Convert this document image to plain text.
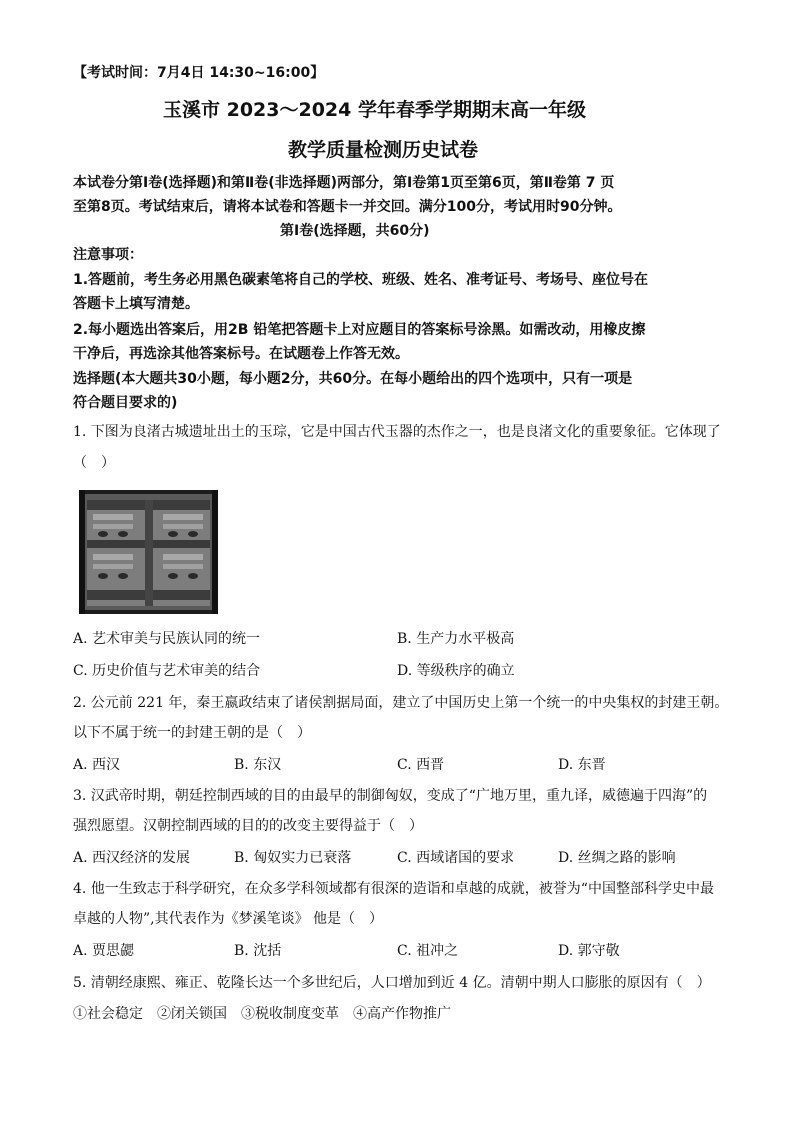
【考试时间：7月4日 14:30~16:00】
玉溪市 2023～2024 学年春季学期期末高一年级
教学质量检测历史试卷
本试卷分第Ⅰ卷(选择题)和第Ⅱ卷(非选择题)两部分，第Ⅰ卷第1页至第6页，第Ⅱ卷第 7 页
至第8页。考试结束后，请将本试卷和答题卡一并交回。满分100分，考试用时90分钟。
第Ⅰ卷(选择题，共60分)
注意事项：
1.答题前，考生务必用黑色碳素笔将自己的学校、班级、姓名、准考证号、考场号、座位号在
答题卡上填写清楚。
2.每小题选出答案后，用2B 铅笔把答题卡上对应题目的答案标号涂黑。如需改动，用橡皮擦
干净后，再选涂其他答案标号。在试题卷上作答无效。
选择题(本大题共30小题，每小题2分，共60分。在每小题给出的四个选项中，只有一项是
符合题目要求的)
1. 下图为良渚古城遗址出土的玉琮，它是中国古代玉器的杰作之一，也是良渚文化的重要象征。它体现了
（　）
A. 艺术审美与民族认同的统一	B. 生产力水平极高
C. 历史价值与艺术审美的结合	D. 等级秩序的确立
2. 公元前 221 年，秦王嬴政结束了诸侯割据局面，建立了中国历史上第一个统一的中央集权的封建王朝。
以下不属于统一的封建王朝的是（　）
A. 西汉	B. 东汉	C. 西晋	D. 东晋
3. 汉武帝时期，朝廷控制西域的目的由最早的制御匈奴，变成了“广地万里，重九译，威德遍于四海”的
强烈愿望。汉朝控制西域的目的的改变主要得益于（　）
A. 西汉经济的发展	B. 匈奴实力已衰落	C. 西域诸国的要求	D. 丝绸之路的影响
4. 他一生致志于科学研究，在众多学科领域都有很深的造诣和卓越的成就，被誉为“中国整部科学史中最
卓越的人物”,其代表作为《梦溪笔谈》 他是（　）
A. 贾思勰	B. 沈括	C. 祖冲之	D. 郭守敬
5. 清朝经康熙、雍正、乾隆长达一个多世纪后，人口增加到近 4 亿。清朝中期人口膨胀的原因有（　）
①社会稳定　②闭关锁国　③税收制度变革　④高产作物推广
